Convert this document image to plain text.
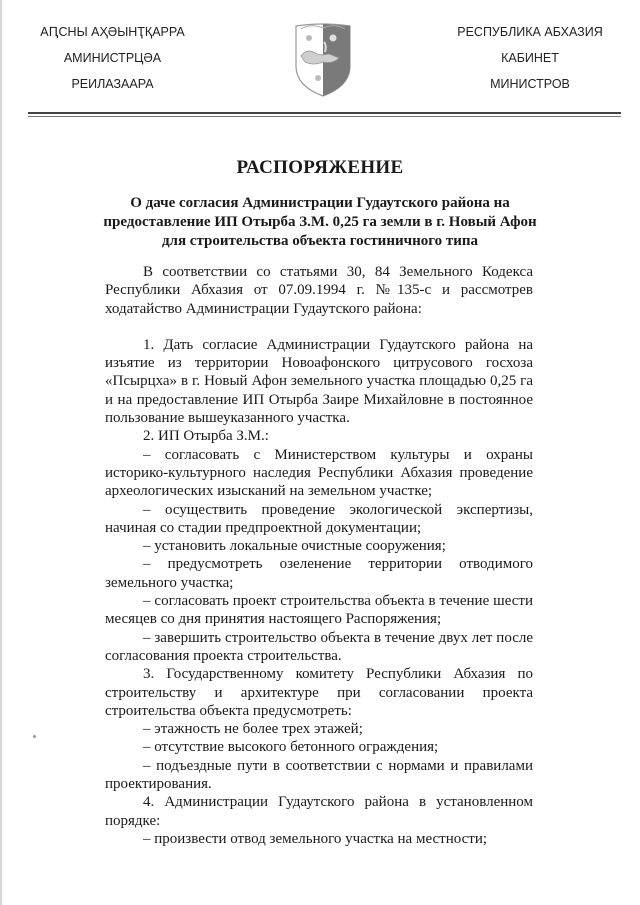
АԤСНЫ АҲӘЫНҬҚАРРА
АМИНИСТРЦӘА
РЕИЛАЗААРА
РЕСПУБЛИКА АБХАЗИЯ
КАБИНЕТ
МИНИСТРОВ
РАСПОРЯЖЕНИЕ
О даче согласия Администрации Гудаутского района на предоставление ИП Отырба З.М. 0,25 га земли в г. Новый Афон для строительства объекта гостиничного типа

В соответствии со статьями 30, 84 Земельного Кодекса Республики Абхазия от 07.09.1994 г. №135-с и рассмотрев ходатайство Администрации Гудаутского района:

1. Дать согласие Администрации Гудаутского района на изъятие из территории Новоафонского цитрусового госхоза «Псырцха» в г. Новый Афон земельного участка площадью 0,25 га и на предоставление ИП Отырба Заире Михайловне в постоянное пользование вышеуказанного участка.

2. ИП Отырба З.М.:

– согласовать с Министерством культуры и охраны историко-культурного наследия Республики Абхазия проведение археологических изысканий на земельном участке;

– осуществить проведение экологической экспертизы, начиная со стадии предпроектной документации;

– установить локальные очистные сооружения;

– предусмотреть озеленение территории отводимого земельного участка;

– согласовать проект строительства объекта в течение шести месяцев со дня принятия настоящего Распоряжения;

– завершить строительство объекта в течение двух лет после согласования проекта строительства.

3. Государственному комитету Республики Абхазия по строительству и архитектуре при согласовании проекта строительства объекта предусмотреть:

– этажность не более трех этажей;

– отсутствие высокого бетонного ограждения;

– подъездные пути в соответствии с нормами и правилами проектирования.

4. Администрации Гудаутского района в установленном порядке:

– произвести отвод земельного участка на местности;
